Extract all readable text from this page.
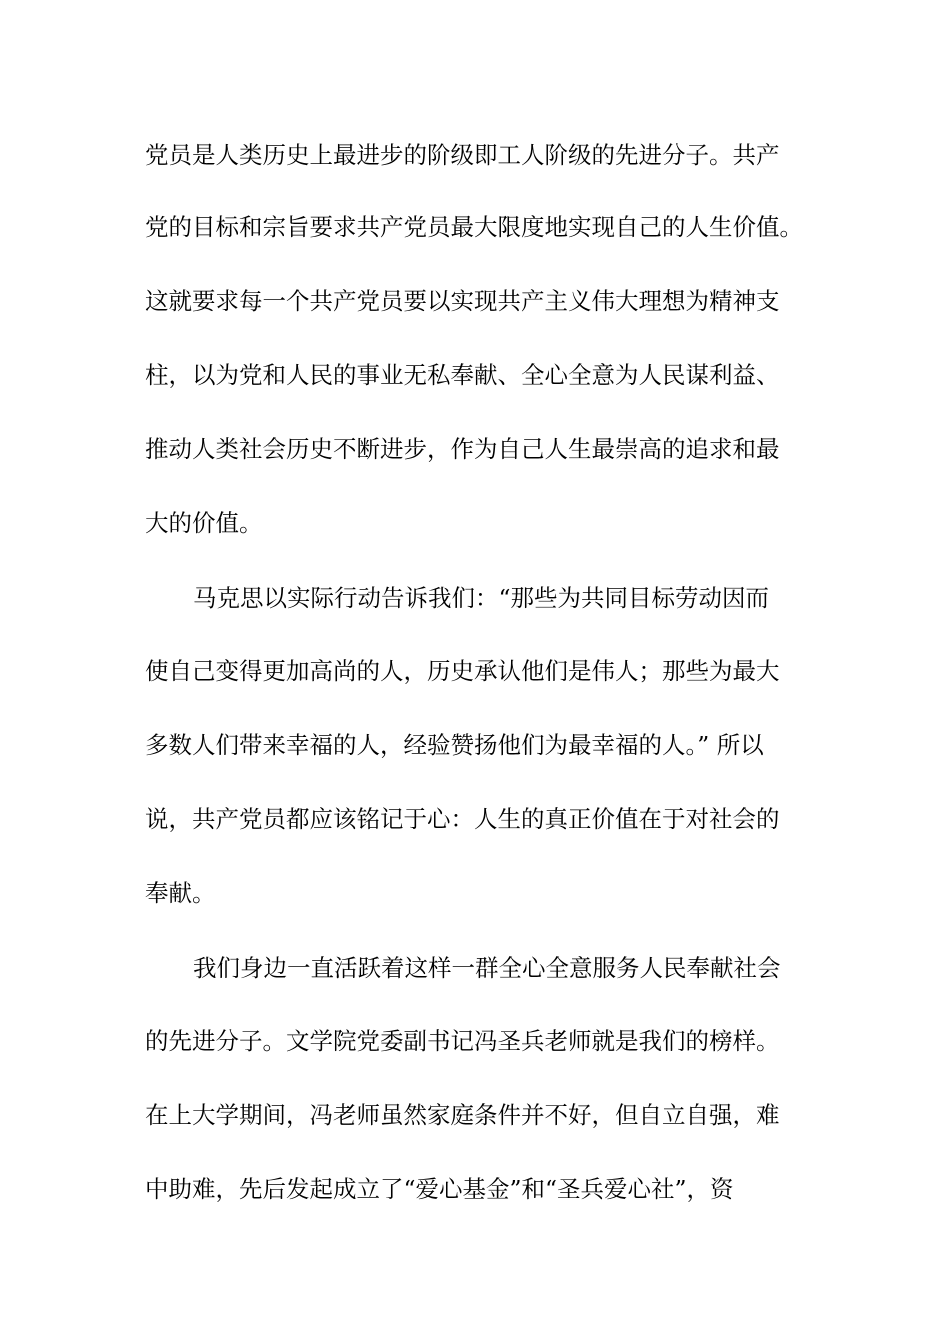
党员是人类历史上最进步的阶级即工人阶级的先进分子。共产
党的目标和宗旨要求共产党员最大限度地实现自己的人生价值。
这就要求每一个共产党员要以实现共产主义伟大理想为精神支
柱，以为党和人民的事业无私奉献、全心全意为人民谋利益、
推动人类社会历史不断进步，作为自己人生最崇高的追求和最
大的价值。
马克思以实际行动告诉我们：“那些为共同目标劳动因而
使自己变得更加高尚的人，历史承认他们是伟人；那些为最大
多数人们带来幸福的人，经验赞扬他们为最幸福的人。” 所以
说，共产党员都应该铭记于心：人生的真正价值在于对社会的
奉献。
我们身边一直活跃着这样一群全心全意服务人民奉献社会
的先进分子。文学院党委副书记冯圣兵老师就是我们的榜样。
在上大学期间，冯老师虽然家庭条件并不好，但自立自强，难
中助难，先后发起成立了“爱心基金”和“圣兵爱心社”，资
